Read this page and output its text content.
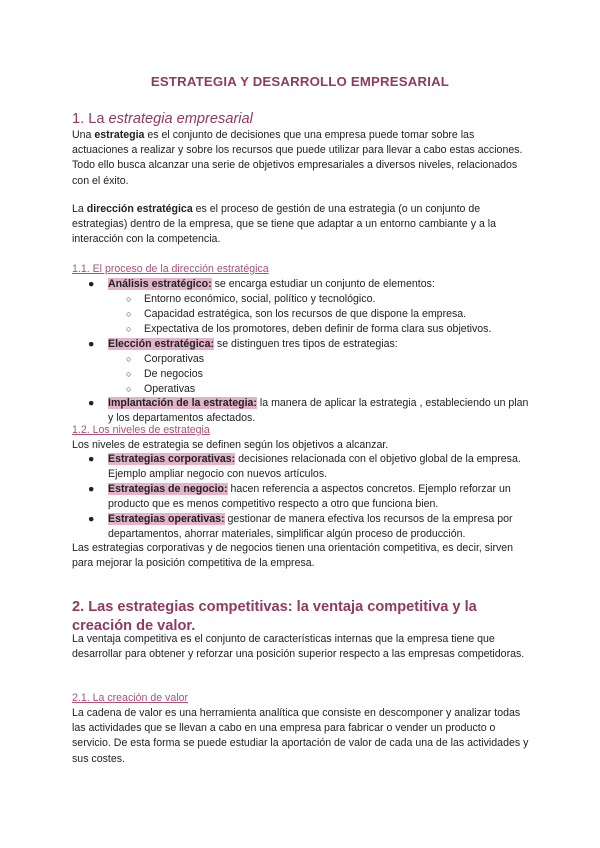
ESTRATEGIA Y DESARROLLO EMPRESARIAL
1. La estrategia empresarial
Una estrategia es el conjunto de decisiones que una empresa puede tomar sobre las actuaciones a realizar y sobre los recursos que puede utilizar para llevar a cabo estas acciones. Todo ello busca alcanzar una serie de objetivos empresariales a diversos niveles, relacionados con el éxito.
La dirección estratégica es el proceso de gestión de una estrategia (o un conjunto de estrategias) dentro de la empresa, que se tiene que adaptar a un entorno cambiante y a la interacción con la competencia.
1.1. El proceso de la dirección estratégica
● Análisis estratégico: se encarga estudiar un conjunto de elementos:
○ Entorno económico, social, político y tecnológico.
○ Capacidad estratégica, son los recursos de que dispone la empresa.
○ Expectativa de los promotores, deben definir de forma clara sus objetivos.
● Elección estratégica: se distinguen tres tipos de estrategias:
○ Corporativas
○ De negocios
○ Operativas
● Implantación de la estrategia: la manera de aplicar la estrategia , estableciendo un plan y los departamentos afectados.
1.2. Los niveles de estrategia
Los niveles de estrategia se definen según los objetivos a alcanzar.
● Estrategias corporativas: decisiones relacionada con el objetivo global de la empresa. Ejemplo ampliar negocio con nuevos artículos.
● Estrategias de negocio: hacen referencia a aspectos concretos. Ejemplo reforzar un producto que es menos competitivo respecto a otro que funciona bien.
● Estrategias operativas: gestionar de manera efectiva los recursos de la empresa por departamentos, ahorrar materiales, simplificar algún proceso de producción.
Las estrategias corporativas y de negocios tienen una orientación competitiva, es decir, sirven para mejorar la posición competitiva de la empresa.
2. Las estrategias competitivas: la ventaja competitiva y la creación de valor.
La ventaja competitiva es el conjunto de características internas que la empresa tiene que desarrollar para obtener y reforzar una posición superior respecto a las empresas competidoras.
2.1. La creación de valor
La cadena de valor es una herramienta analítica que consiste en descomponer y analizar todas las actividades que se llevan a cabo en una empresa para fabricar o vender un producto o servicio. De esta forma se puede estudiar la aportación de valor de cada una de las actividades y sus costes.
